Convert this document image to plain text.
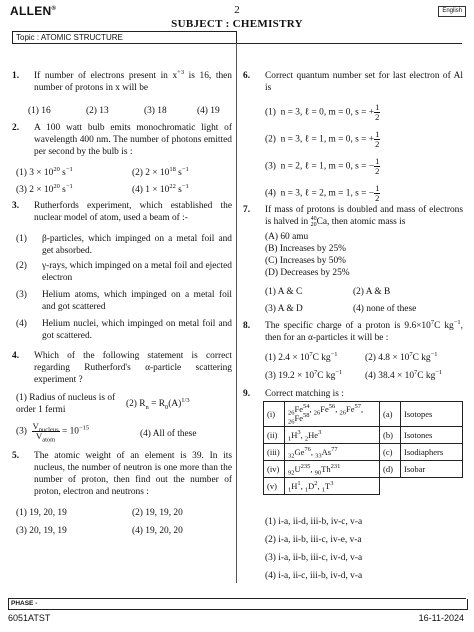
ALLEN®	2	English
SUBJECT : CHEMISTRY
Topic : ATOMIC STRUCTURE
1. If number of electrons present in $x^{+3}$ is 16, then number of protons in x will be
(1) 16	(2) 13	(3) 18	(4) 19
2. A 100 watt bulb emits monochromatic light of wavelength 400 nm. The number of photons emitted per second by the bulb is :
(1) $3 \times 10^{20}$ $s^{-1}$	(2) $2 \times 10^{18}$ $s^{-1}$
(3) $2 \times 10^{20}$ $s^{-1}$	(4) $1 \times 10^{22}$ $s^{-1}$
3. Rutherfords experiment, which established the nuclear model of atom, used a beam of :-
(1) β-particles, which impinged on a metal foil and get absorbed.
(2) γ-rays, which impinged on a metal foil and ejected electron
(3) Helium atoms, which impinged on a metal foil and got scattered
(4) Helium nuclei, which impinged on metal foil and got scattered.
4. Which of the following statement is correct regarding Rutherford's α-particle scattering experiment ?
(1) Radius of nucleus is of order 1 fermi
(2) $R_n = R_0(A)^{1/3}$
$(3) \frac{V_{nucleus}}{V_{atom}} = 10^{-15}$
(4) All of these
5. The atomic weight of an element is 39. In its nucleus, the number of neutron is one more than the number of proton, then find out the number of proton, electron and neutrons :
(1) 19, 20, 19	(2) 19, 19, 20
(3) 20, 19, 19	(4) 19, 20, 20
6. Correct quantum number set for last electron of Al is
(1) n = 3, ℓ = 0, m = 0, s = + $\frac{1}{2}$
(2) n = 3, ℓ = 1, m = 0, s = + $\frac{1}{2}$
(3) n = 2, ℓ = 1, m = 0, s = − $\frac{1}{2}$
(4) n = 3, ℓ = 2, m = 1, s = − $\frac{1}{2}$
7. If mass of protons is doubled and mass of electrons is halved in 40
20 Ca, then atomic mass is
(A) 60 amu
(B) Increases by 25%
(C) Increases by 50%
(D) Decreases by 25%
(1) A & C	(2) A & B
(3) A & D	(4) none of these
8. The specific charge of a proton is $9.6\times 10^7C$ $kg^{-1}$, then for an α-particles it will be :
(1) $2.4 \times 10^7C$ $kg^{-1}$	(2) $4.8 \times 10^7C$ $kg^{-1}$
(3) $19.2 \times 10^7C$ $kg^{-1}$ (4) $38.4 \times 10^7C$ $kg^{-1}$
9. Correct matching is :
(i)	$_{26}Fe^{54}$, $_{26}Fe^{56}$, $_{26}Fe^{57}$,
$_{26}Fe^{58}$	(a)	Isotopes
(ii)	$_1H^3$, $_2He^3$	(b)	Isotones
(iii)	$_{32}Ge^{76}$, $_{33}As^{77}$	(c)	Isodiaphers
(iv)	$_{92}U^{235}$, $_{90}Th^{231}$	(d)	Isobar
(v)	$_1H^1$, $_1D^2$, $_1T^3$		
(1) i-a, ii-d, iii-b, iv-c, v-a
(2) i-a, ii-b, iii-c, iv-e, v-a
(3) i-a, ii-b, iii-c, iv-d, v-a
(4) i-a, ii-c, iii-b, iv-d, v-a
PHASE -
6051ATST	16-11-2024
